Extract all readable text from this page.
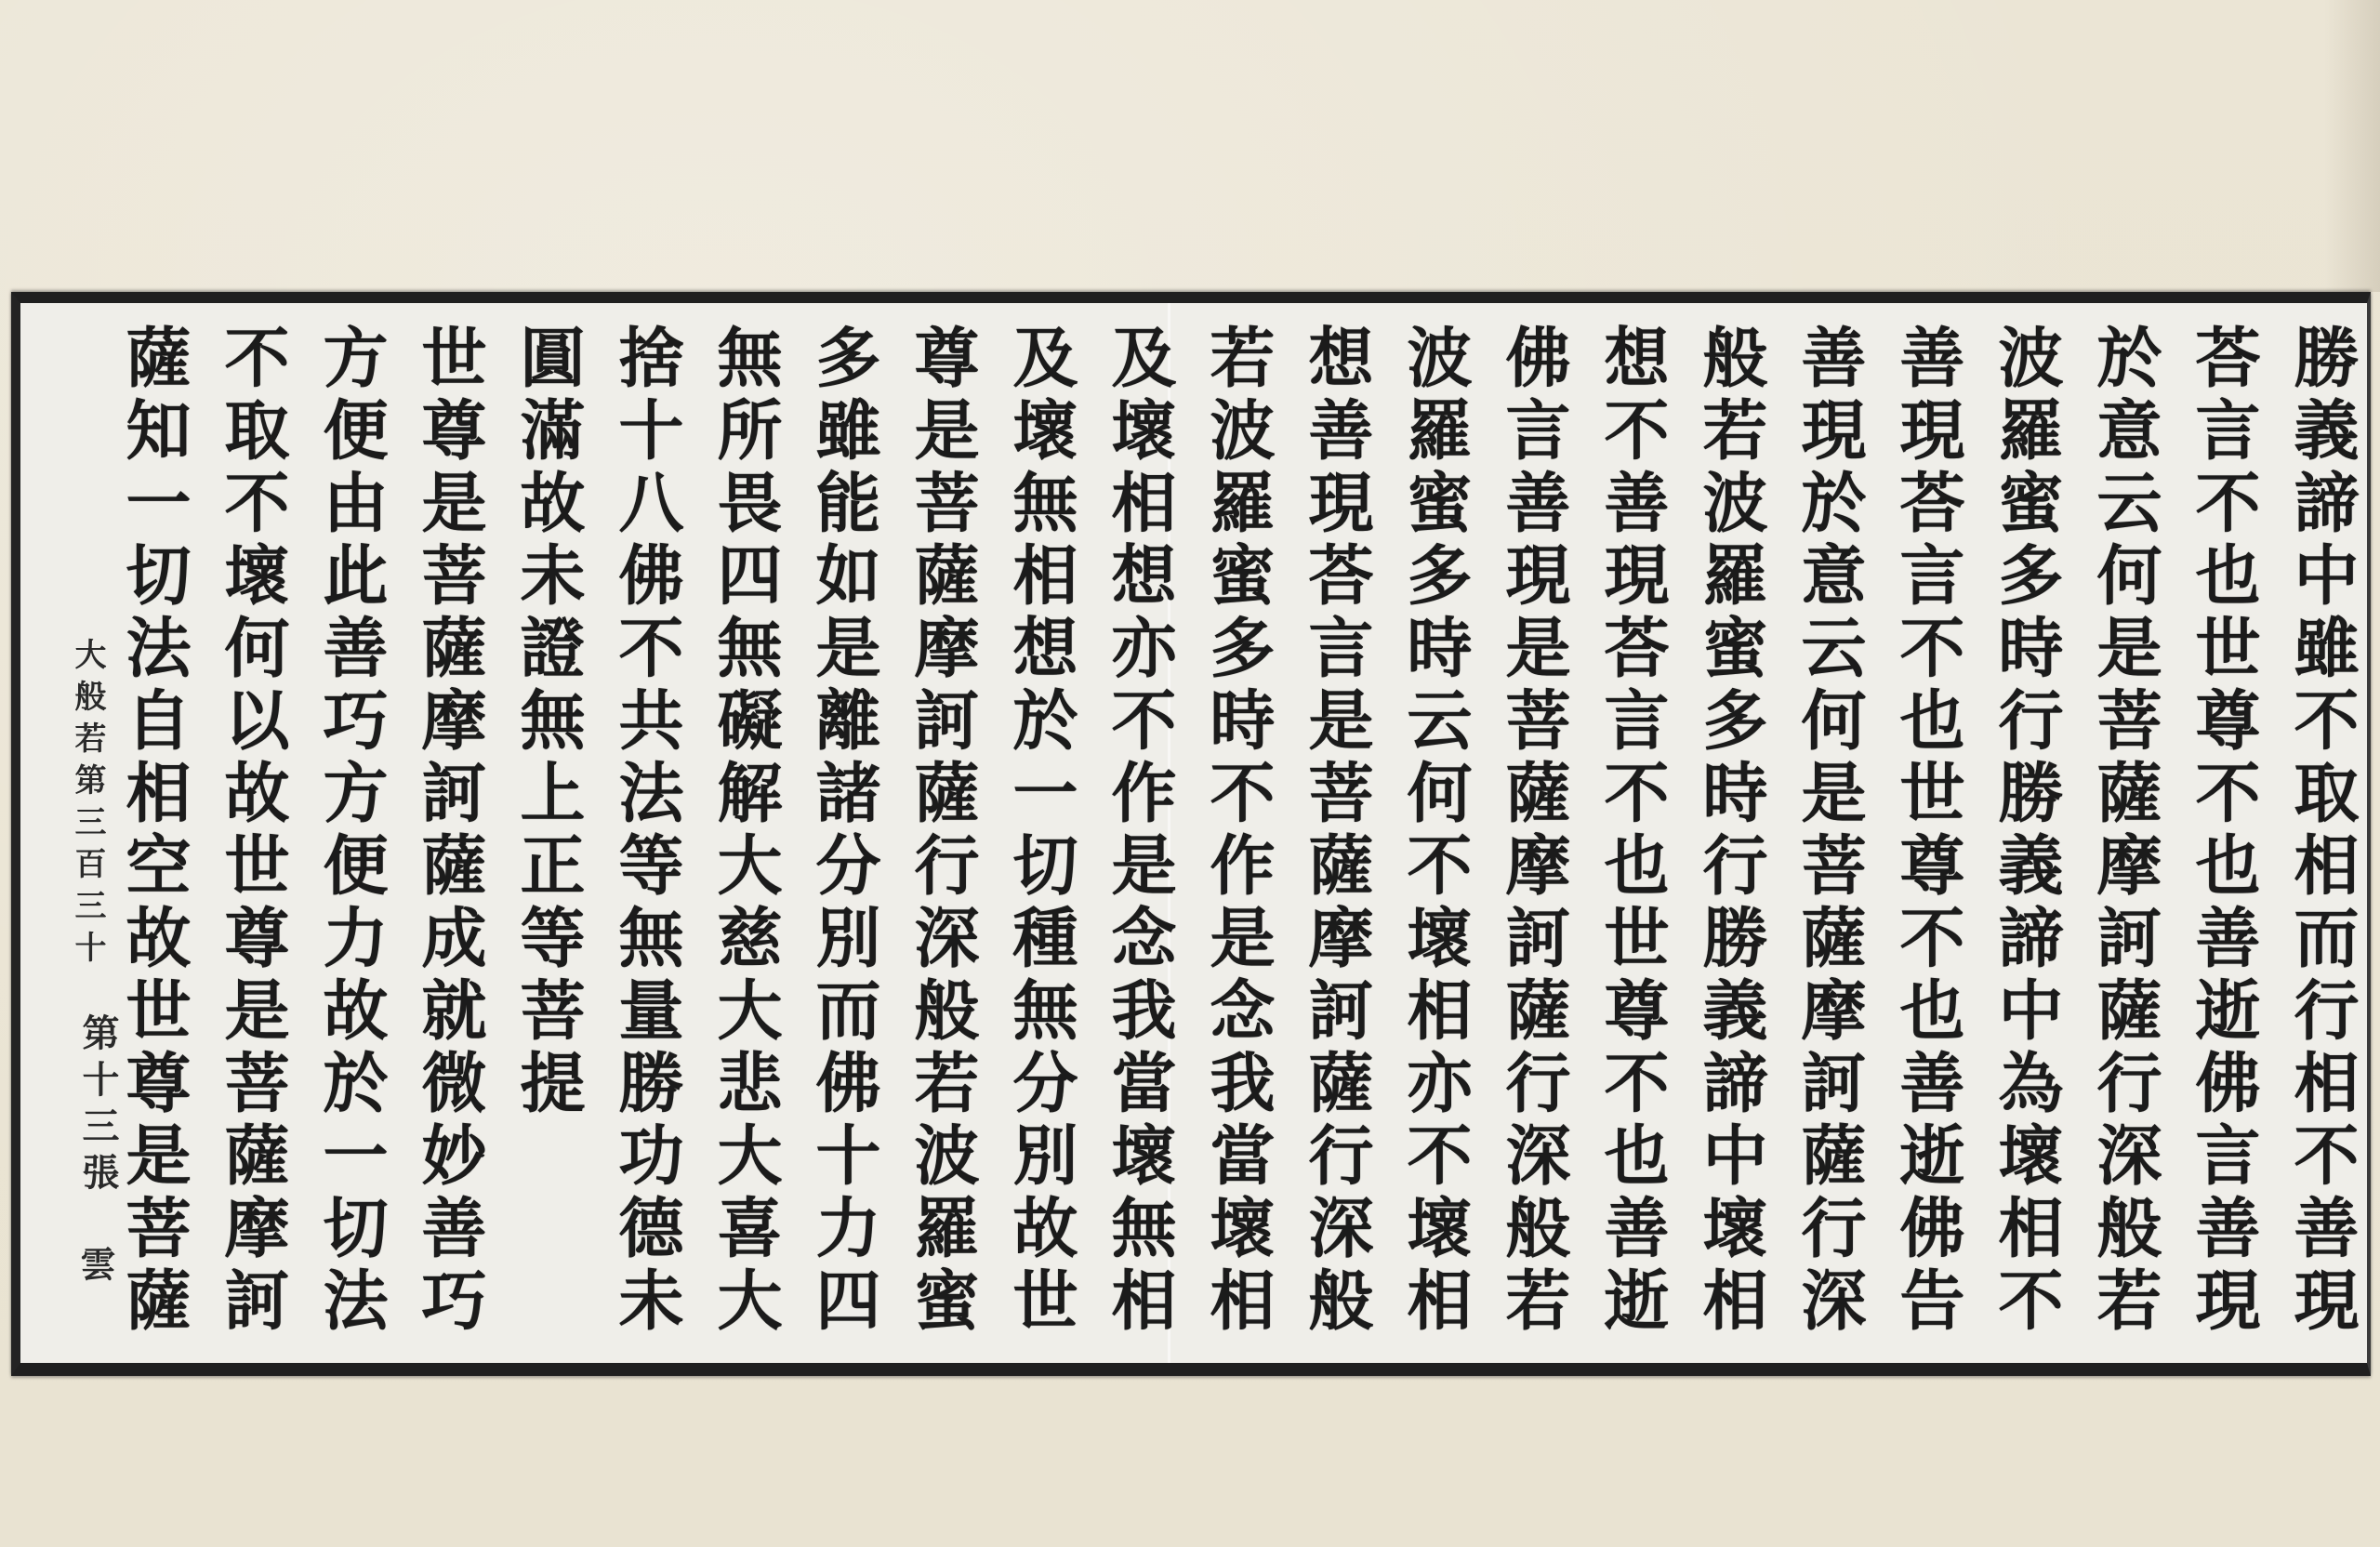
勝義諦中雖不取相而行相不善現
荅言不也世尊不也善逝佛言善現
於意云何是菩薩摩訶薩行深般若
波羅蜜多時行勝義諦中為壞相不
善現荅言不也世尊不也善逝佛告
善現於意云何是菩薩摩訶薩行深
般若波羅蜜多時行勝義諦中壞相
想不善現荅言不也世尊不也善逝
佛言善現是菩薩摩訶薩行深般若
波羅蜜多時云何不壞相亦不壞相
想善現荅言是菩薩摩訶薩行深般
若波羅蜜多時不作是念我當壞相
及壞相想亦不作是念我當壞無相
及壞無相想於一切種無分別故世
尊是菩薩摩訶薩行深般若波羅蜜
多雖能如是離諸分別而佛十力四
無所畏四無礙解大慈大悲大喜大
捨十八佛不共法等無量勝功德未
圓滿故未證無上正等菩提
世尊是菩薩摩訶薩成就微妙善巧
方便由此善巧方便力故於一切法
不取不壞何以故世尊是菩薩摩訶
薩知一切法自相空故世尊是菩薩
大般若第三百三十
第十三張
雲
